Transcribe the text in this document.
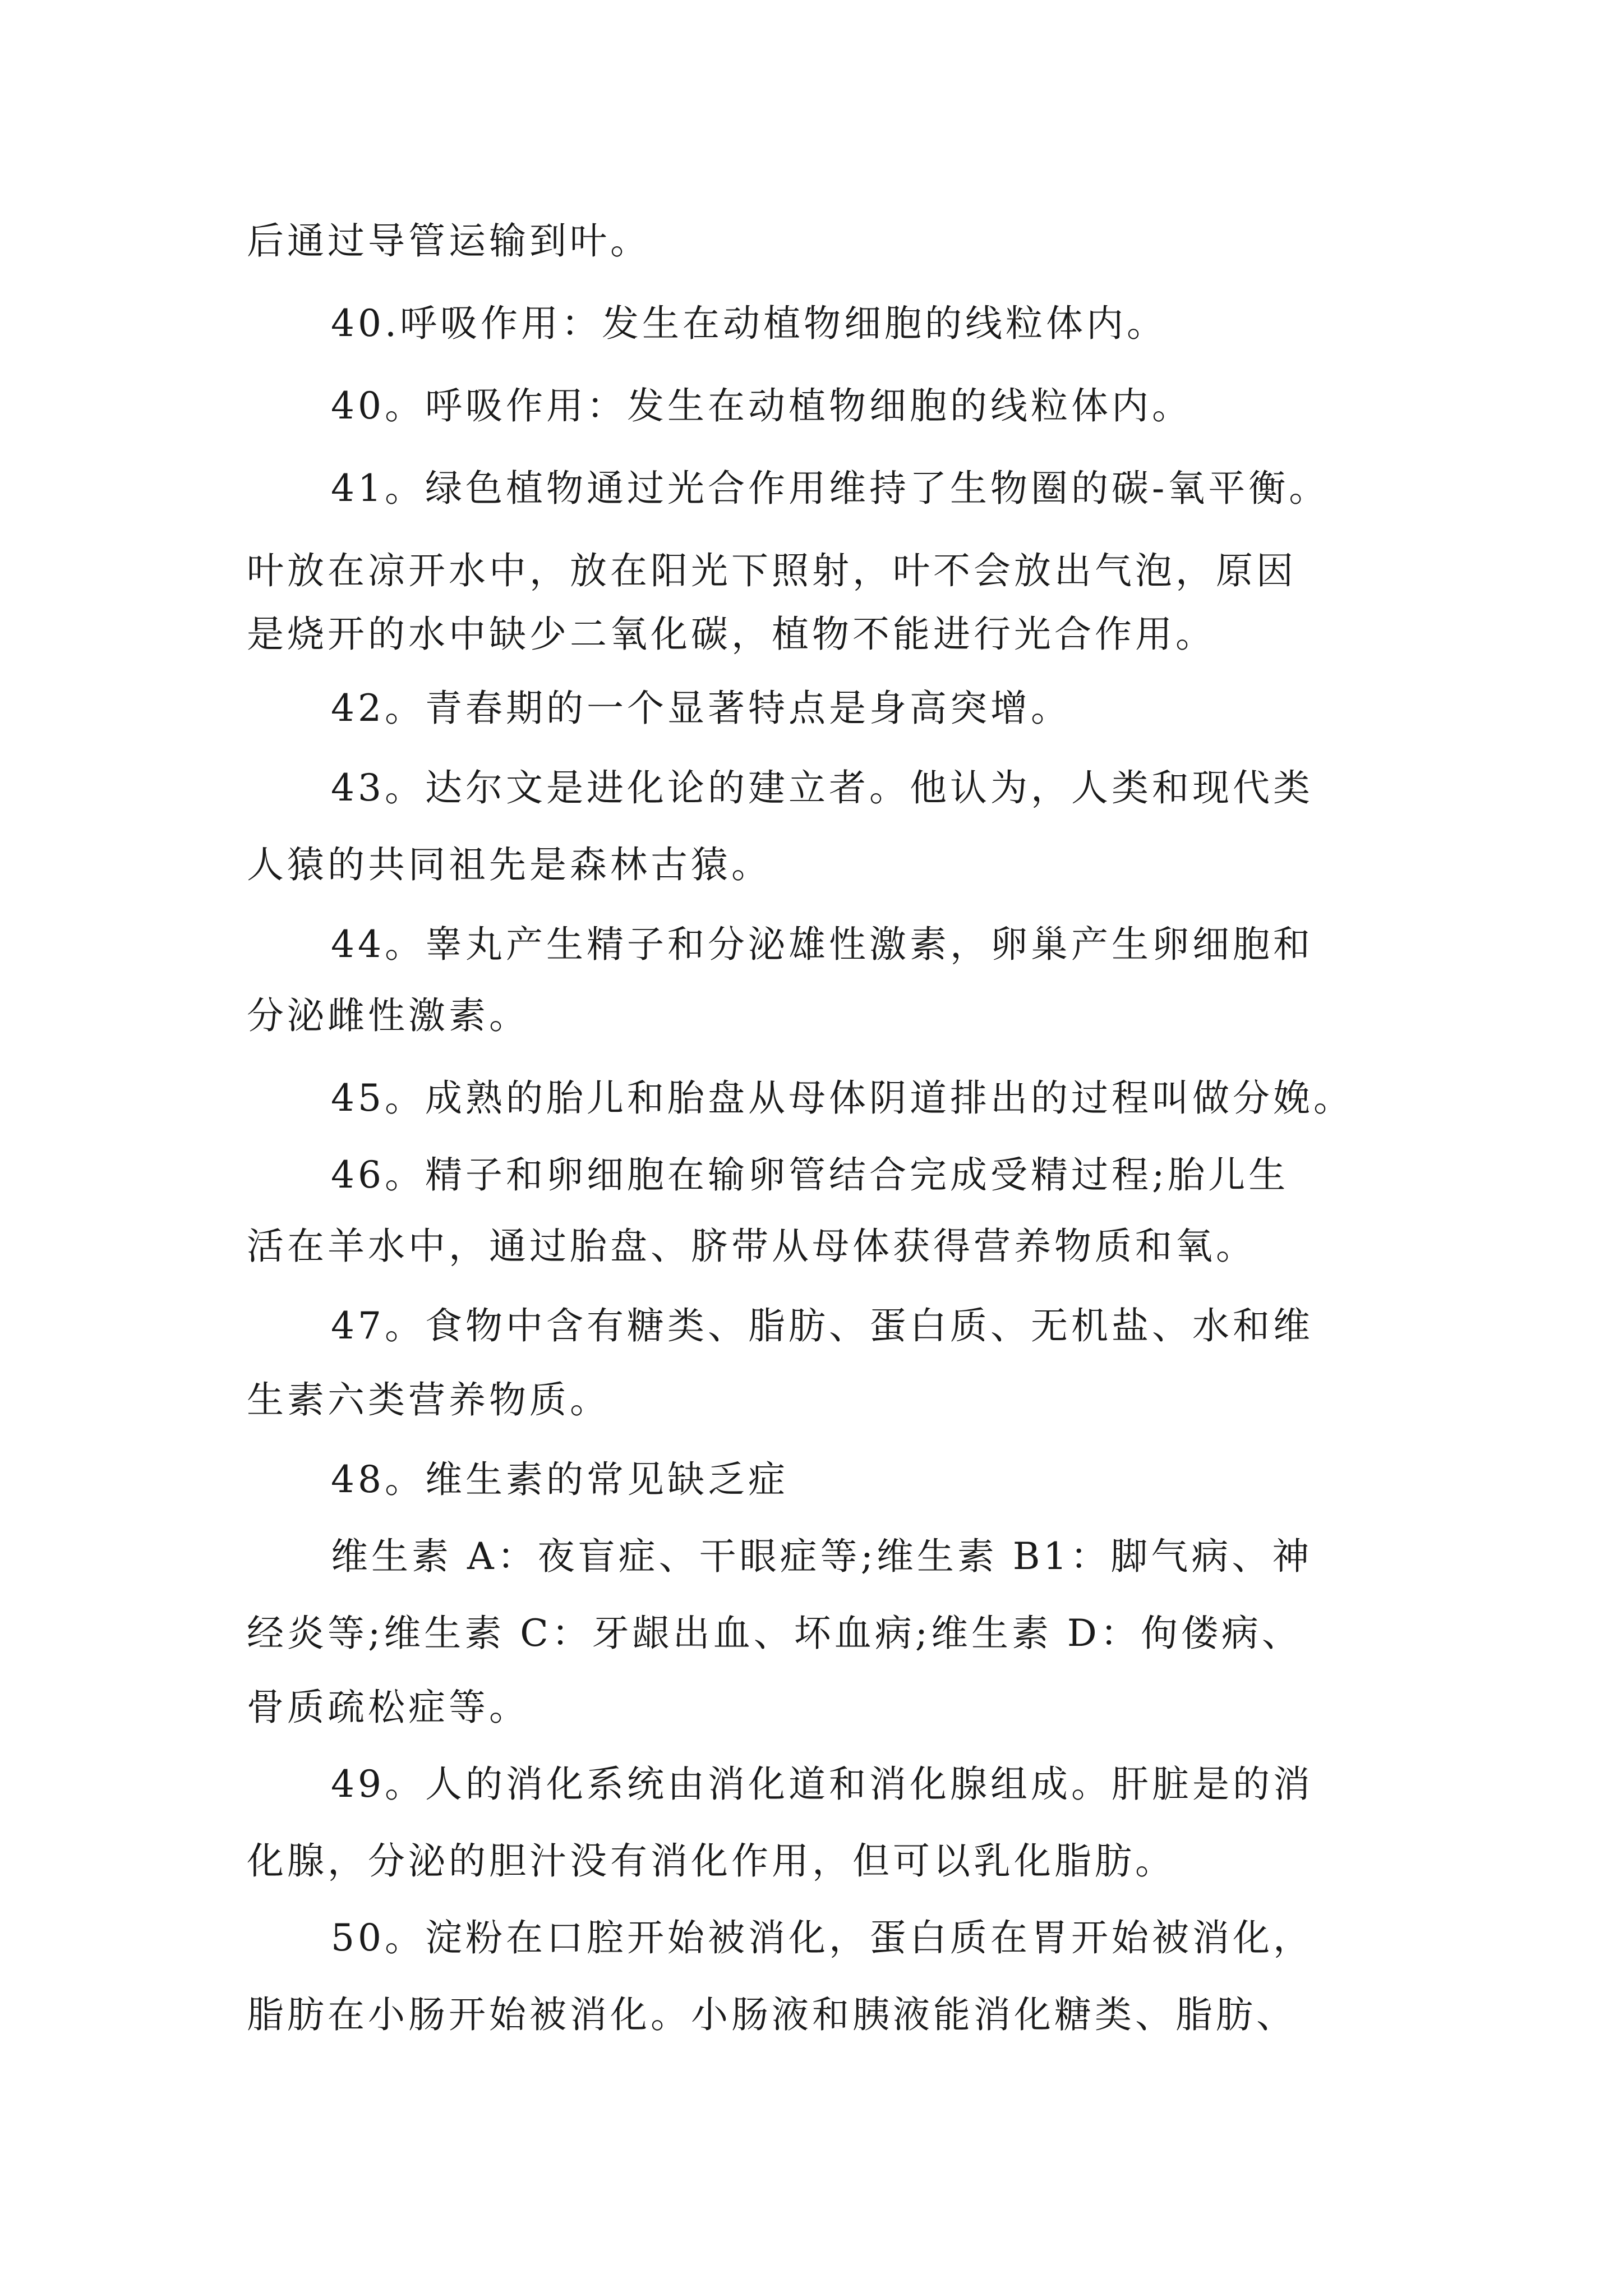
后通过导管运输到叶。
40.呼吸作用：发生在动植物细胞的线粒体内。
40。呼吸作用：发生在动植物细胞的线粒体内。
41。绿色植物通过光合作用维持了生物圈的碳-氧平衡。
叶放在凉开水中，放在阳光下照射，叶不会放出气泡，原因
是烧开的水中缺少二氧化碳，植物不能进行光合作用。
42。青春期的一个显著特点是身高突增。
43。达尔文是进化论的建立者。他认为，人类和现代类
人猿的共同祖先是森林古猿。
44。睾丸产生精子和分泌雄性激素，卵巢产生卵细胞和
分泌雌性激素。
45。成熟的胎儿和胎盘从母体阴道排出的过程叫做分娩。
46。精子和卵细胞在输卵管结合完成受精过程;胎儿生
活在羊水中，通过胎盘、脐带从母体获得营养物质和氧。
47。食物中含有糖类、脂肪、蛋白质、无机盐、水和维
生素六类营养物质。
48。维生素的常见缺乏症
维生素 A：夜盲症、干眼症等;维生素 B1：脚气病、神
经炎等;维生素 C：牙龈出血、坏血病;维生素 D：佝偻病、
骨质疏松症等。
49。人的消化系统由消化道和消化腺组成。肝脏是的消
化腺，分泌的胆汁没有消化作用，但可以乳化脂肪。
50。淀粉在口腔开始被消化，蛋白质在胃开始被消化，
脂肪在小肠开始被消化。小肠液和胰液能消化糖类、脂肪、
